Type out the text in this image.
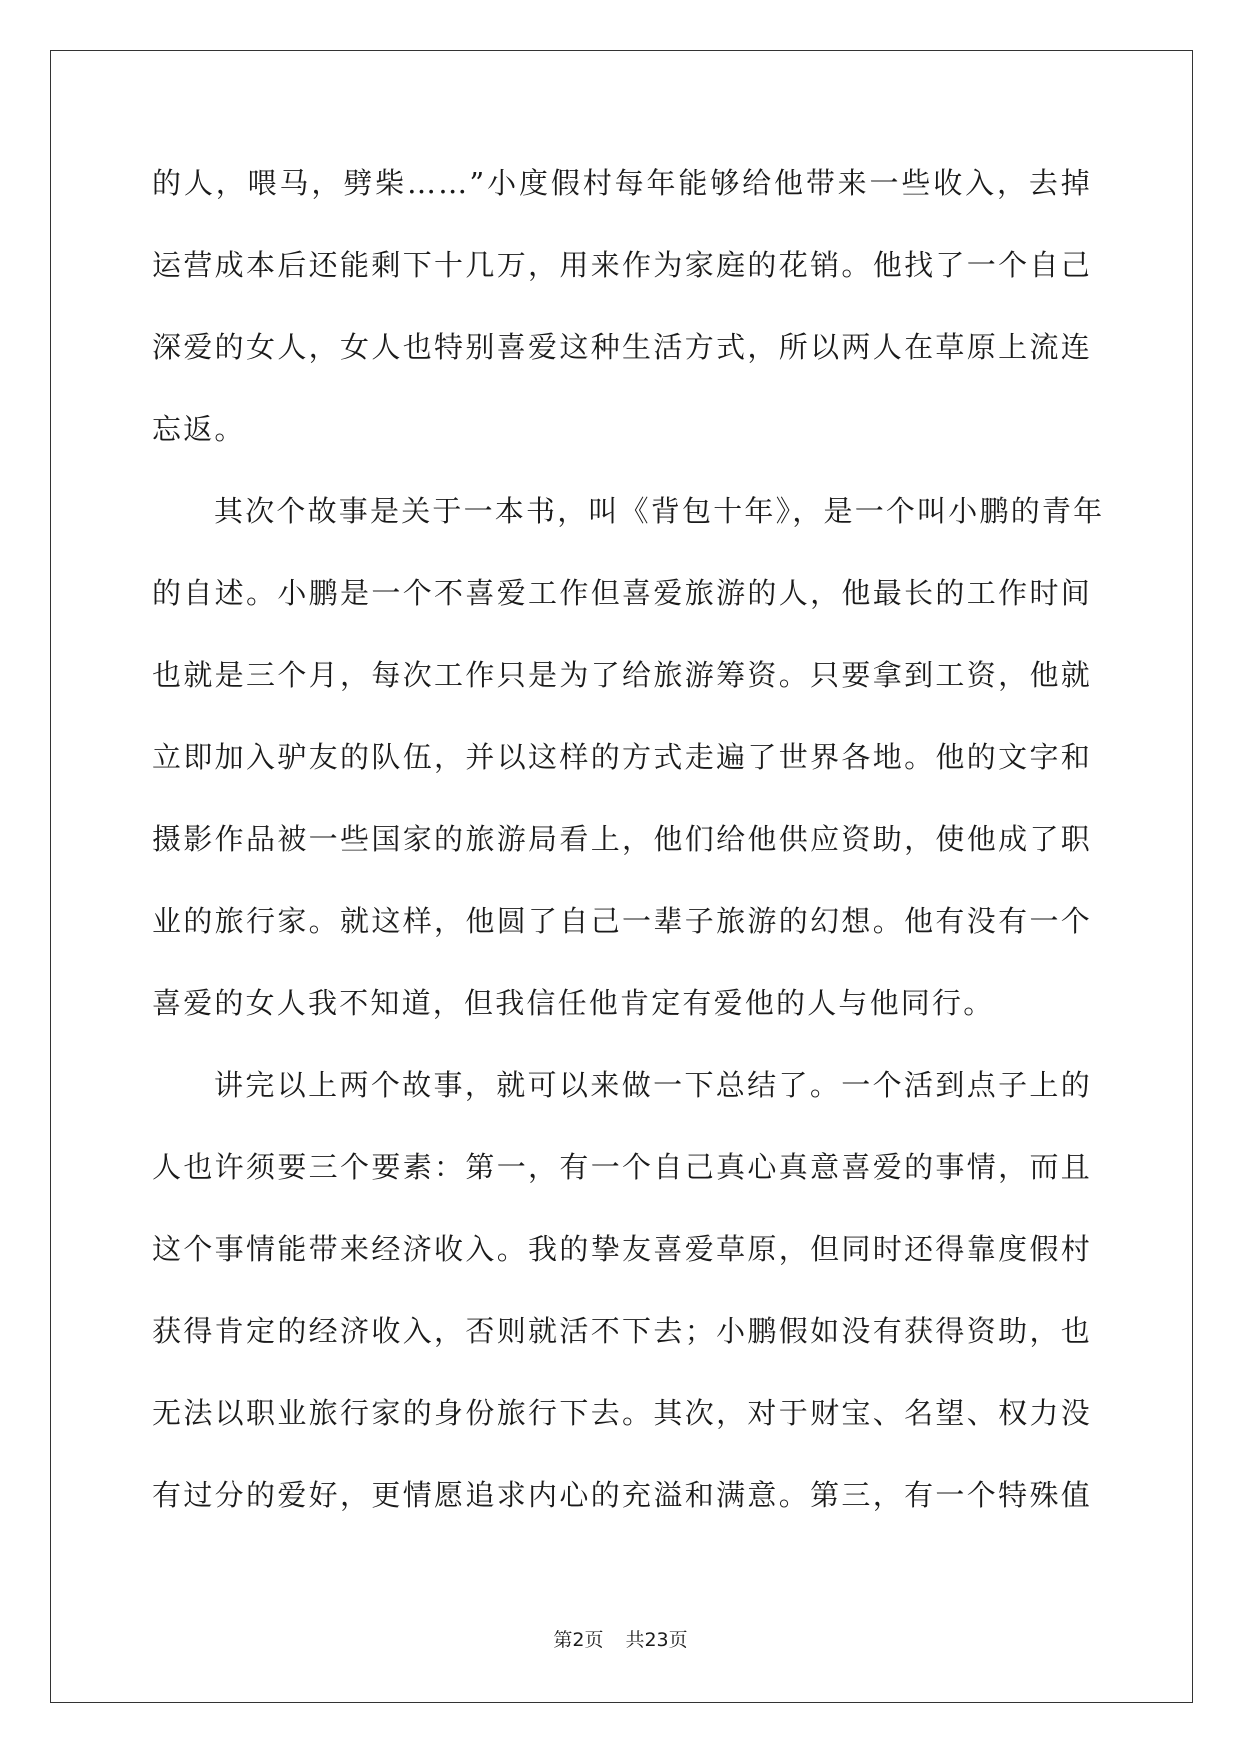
的人，喂马，劈柴……”小度假村每年能够给他带来一些收入，去掉
运营成本后还能剩下十几万，用来作为家庭的花销。他找了一个自己
深爱的女人，女人也特别喜爱这种生活方式，所以两人在草原上流连
忘返。
其次个故事是关于一本书，叫《背包十年》，是一个叫小鹏的青年
的自述。小鹏是一个不喜爱工作但喜爱旅游的人，他最长的工作时间
也就是三个月，每次工作只是为了给旅游筹资。只要拿到工资，他就
立即加入驴友的队伍，并以这样的方式走遍了世界各地。他的文字和
摄影作品被一些国家的旅游局看上，他们给他供应资助，使他成了职
业的旅行家。就这样，他圆了自己一辈子旅游的幻想。他有没有一个
喜爱的女人我不知道，但我信任他肯定有爱他的人与他同行。
讲完以上两个故事，就可以来做一下总结了。一个活到点子上的
人也许须要三个要素：第一，有一个自己真心真意喜爱的事情，而且
这个事情能带来经济收入。我的挚友喜爱草原，但同时还得靠度假村
获得肯定的经济收入，否则就活不下去；小鹏假如没有获得资助，也
无法以职业旅行家的身份旅行下去。其次，对于财宝、名望、权力没
有过分的爱好，更情愿追求内心的充溢和满意。第三，有一个特殊值
第2页 共23页
